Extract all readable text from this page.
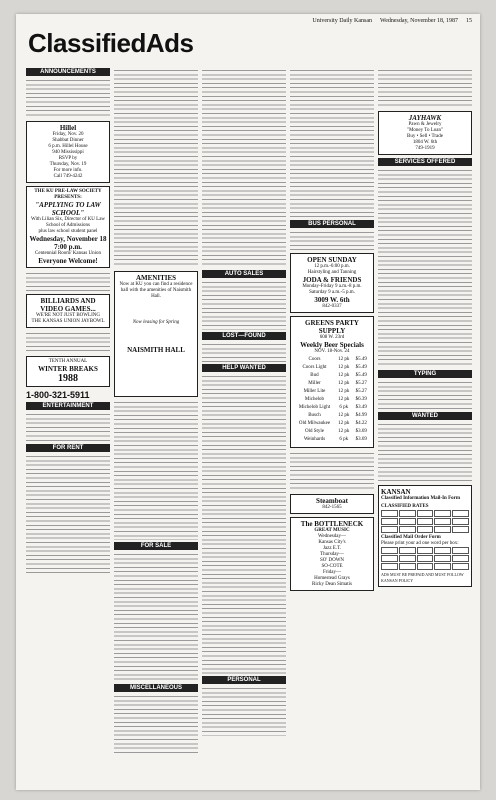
University Daily Kansan Wednesday, November 18, 1987 15
ClassifiedAds
ANNOUNCEMENTS
Hillel
Friday, Nov. 20
Shabbat Dinner
6 p.m. Hillel House
940 Mississippi
RSVP by
Thursday, Nov. 19
For more info.
Call 749-4242
THE KU PRE-LAW SOCIETY PRESENTS:
"APPLYING TO LAW SCHOOL"
With Lilian Six, Director of KU Law School of Admissions
plus law school student panel
Wednesday, November 18
7:00 p.m.
Centennial Room/ Kansas Union
Everyone Welcome!
BILLIARDS AND VIDEO GAMES...
WE'RE NOT JUST BOWLING
THE KANSAS UNION JAYBOWL
TENTH ANNUAL
WINTER BREAKS
1988
1-800-321-5911
ENTERTAINMENT
FOR RENT
AMENITIES
Now at KU you can find a residence hall with the amenities of Naismith Hall.
Now leasing for Spring
NAISMITH HALL
FOR SALE
MISCELLANEOUS
AUTO SALES
LOST—FOUND
HELP WANTED
PERSONAL
BUS PERSONAL
OPEN SUNDAY
12 p.m.-6:00 p.m.
Hairstyling and Tanning
JODA & FRIENDS
Monday-Friday 9 a.m.-8 p.m.
Saturday 9 a.m.-5 p.m.
3009 W. 6th
842-0337
GREENS PARTY SUPPLY
608 W. 23rd
Weekly Beer Specials
NOV. 18-Nov. 24
Coors	12 pk	$5.49
Coors Light	12 pk	$5.49
Bud	12 pk	$5.49
Miller	12 pk	$5.27
Miller Lite	12 pk	$5.27
Michelob	12 pk	$6.39
Michelob Light	6 pk	$3.49
Busch	12 pk	$4.99
Old Milwaukee	12 pk	$4.22
Old Style	12 pk	$3.69
Weinhards	6 pk	$3.69
Steamboat
842-1565
The BOTTLENECK
GREAT MUSIC
Wednesday—
Kansas City's
Jazz E.T.
Thursday—
SO' DOWN
SO-COTE
Friday—
Homestead Grays
Ricky Dean Simatis
JAYHAWK
Pawn & Jewelry
"Money To Loan"
Buy • Sell • Trade
1804 W. 6th
749-1919
SERVICES OFFERED
TYPING
WANTED
KANSAN
Classified Information Mail-In Form
CLASSIFIED RATES
Classified Mail Order Form
Please print your ad one word per box:
ADS MUST BE PREPAID AND MUST FOLLOW KANSAN POLICY
